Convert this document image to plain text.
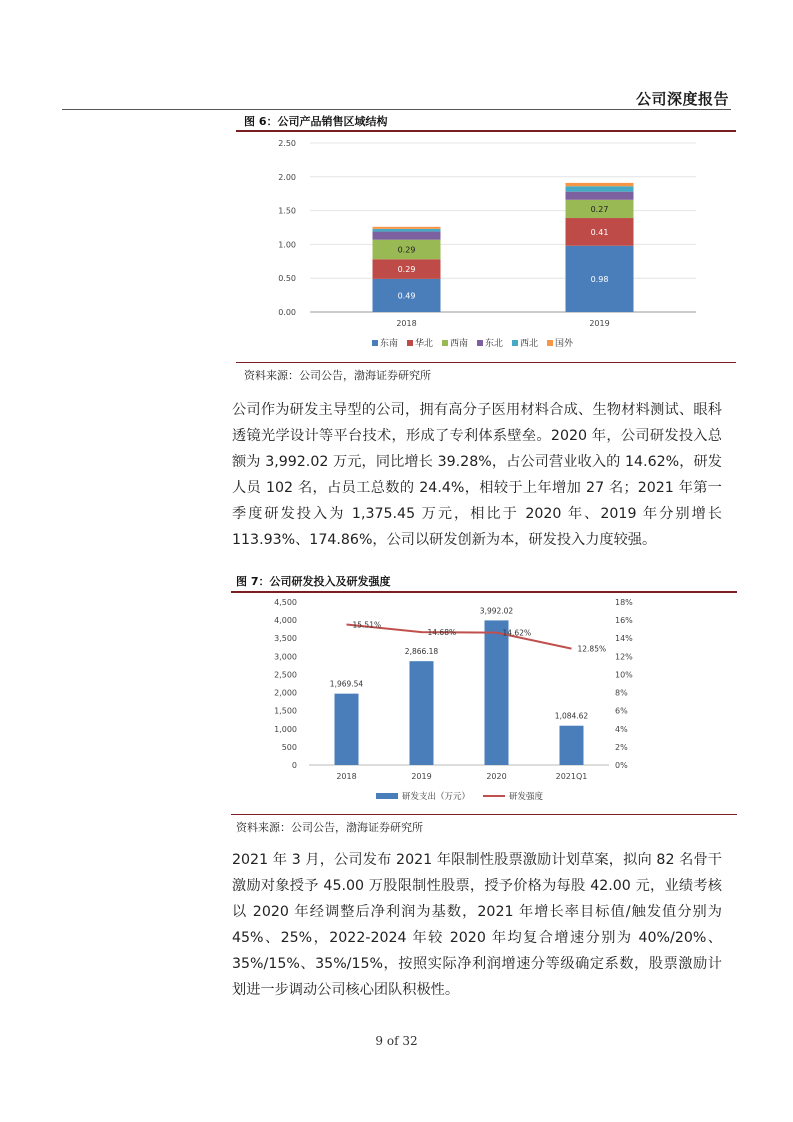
公司深度报告
图 6：公司产品销售区域结构
0.00
0.50
1.00
1.50
2.00
2.50
0.49
0.29
0.29
0.98
0.41
0.27
2018	2019
东南 华北 西南 东北 西北 国外
资料来源：公司公告，渤海证券研究所
公司作为研发主导型的公司，拥有高分子医用材料合成、生物材料测试、眼科透镜光学设计等平台技术，形成了专利体系壁垒。2020 年，公司研发投入总额为 3,992.02 万元，同比增长 39.28%，占公司营业收入的 14.62%，研发人员 102 名，占员工总数的 24.4%，相较于上年增加 27 名；2021 年第一季度研发投入为 1,375.45 万元，相比于 2020 年、2019 年分别增长 113.93%、174.86%，公司以研发创新为本，研发投入力度较强。
图 7：公司研发投入及研发强度
0
500
1,000
1,500
2,000
2,500
3,000
3,500
4,000
4,500
0%
2%
4%
6%
8%
10%
12%
14%
16%
18%
1,969.54
2,866.18
3,992.02
1,084.62
15.51%
14.68%	14.62%
12.85%
2018	2019	2020	2021Q1
研发支出（万元）	研发强度
资料来源：公司公告，渤海证券研究所
2021 年 3 月，公司发布 2021 年限制性股票激励计划草案，拟向 82 名骨干激励对象授予 45.00 万股限制性股票，授予价格为每股 42.00 元，业绩考核以 2020 年经调整后净利润为基数，2021 年增长率目标值/触发值分别为 45%、25%，2022-2024 年较 2020 年均复合增速分别为 40%/20%、35%/15%、35%/15%，按照实际净利润增速分等级确定系数，股票激励计划进一步调动公司核心团队积极性。
9 of 32
